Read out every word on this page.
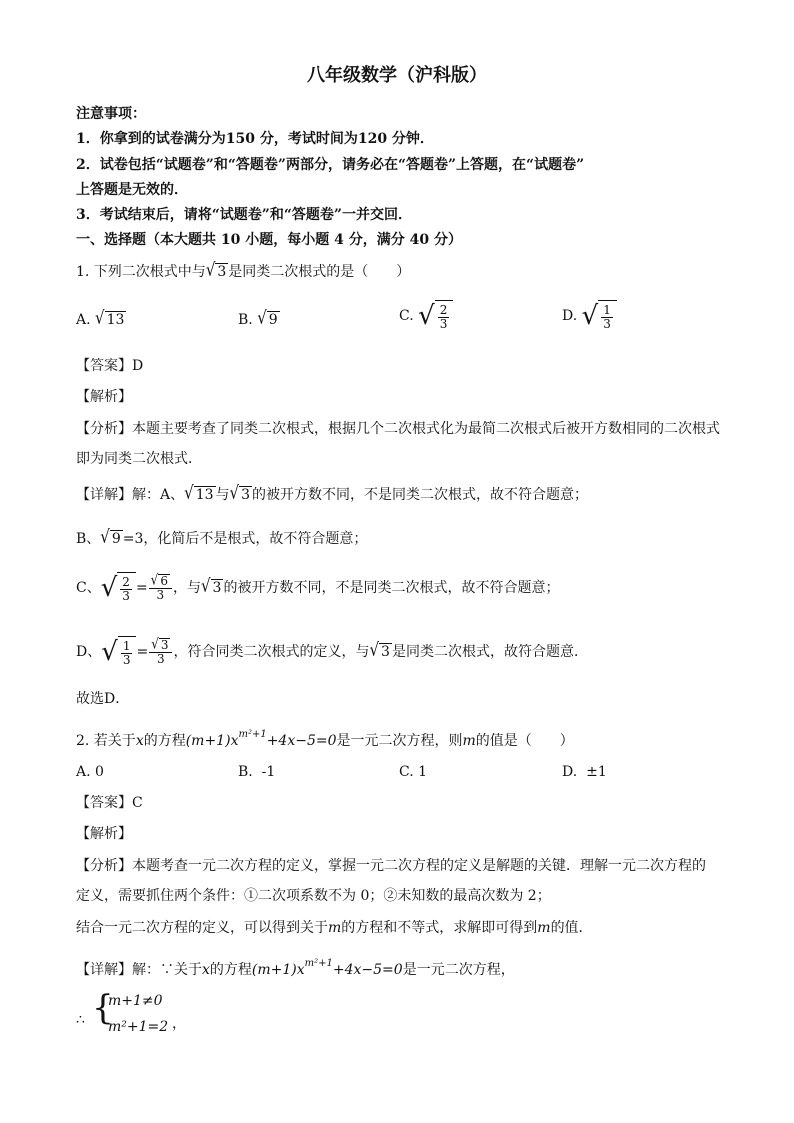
八年级数学（沪科版）
注意事项：
1．你拿到的试卷满分为150 分，考试时间为120 分钟．
2．试卷包括“试题卷”和“答题卷”两部分，请务必在“答题卷”上答题，在“试题卷”
上答题是无效的．
3．考试结束后，请将“试题卷”和“答题卷”一并交回．
一、选择题（本大题共 10 小题，每小题 4 分，满分 40 分）
1. 下列二次根式中与 √ 3 是同类二次根式的是（　　）
A. √ 13	B. √ 9	C. √ $\frac{2}{3}$	D. √ $\frac{1}{3}$
【答案】D
【解析】
【分析】本题主要考查了同类二次根式，根据几个二次根式化为最简二次根式后被开方数相同的二次根式
即为同类二次根式．
【详解】解：A、 √ 13 与 √ 3 的被开方数不同，不是同类二次根式，故不符合题意；
B、 √ 9 =3，化简后不是根式，故不符合题意；
C、 √ $\frac{2}{3} = \frac{√ 6}{3}$ ，与 √ 3 的被开方数不同，不是同类二次根式，故不符合题意；
D、 √ $\frac{1}{3} = \frac{√ 3}{3}$ ，符合同类二次根式的定义，与 √ 3 是同类二次根式，故符合题意．
故选D．
2. 若关于x的方程$(m+1)x^{m^2+1}+4x-5=0$是一元二次方程，则m的值是（　　）
A. 0	B. -1	C. 1	D. ±1
【答案】C
【解析】
【分析】本题考查一元二次方程的定义，掌握一元二次方程的定义是解题的关键．理解一元二次方程的
定义，需要抓住两个条件：①二次项系数不为 0；②未知数的最高次数为 2；
结合一元二次方程的定义，可以得到关于m的方程和不等式，求解即可得到m的值．
【详解】解：∵关于x的方程$(m+1)x^{m^2+1}+4x-5=0$是一元二次方程，
∴ {
m+1≠0
m²+1=2 ，
